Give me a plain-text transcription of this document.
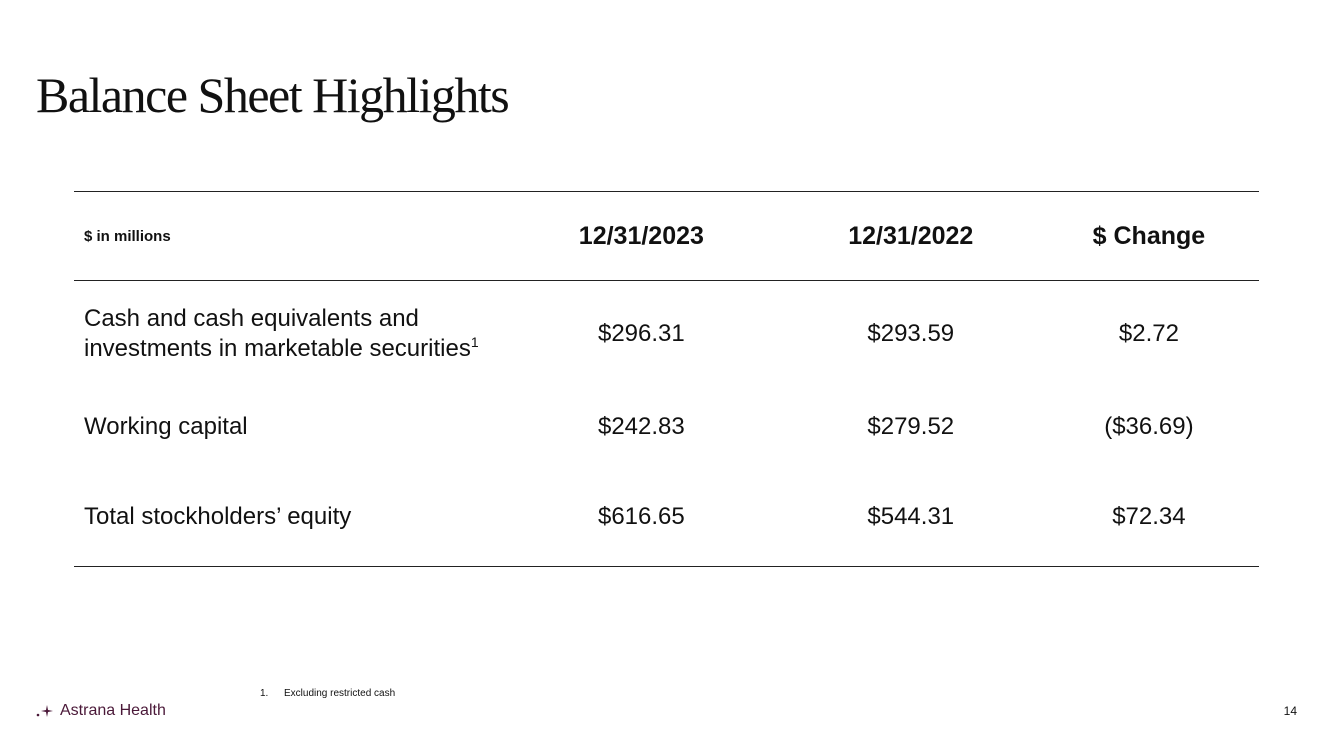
Balance Sheet Highlights
$ in millions	12/31/2023	12/31/2022	$ Change
Cash and cash equivalents and investments in marketable securities$^1$	$296.31	$293.59	$2.72
Working capital	$242.83	$279.52	($36.69)
Total stockholders’ equity	$616.65	$544.31	$72.34
1. Excluding restricted cash
Astrana Health	14
